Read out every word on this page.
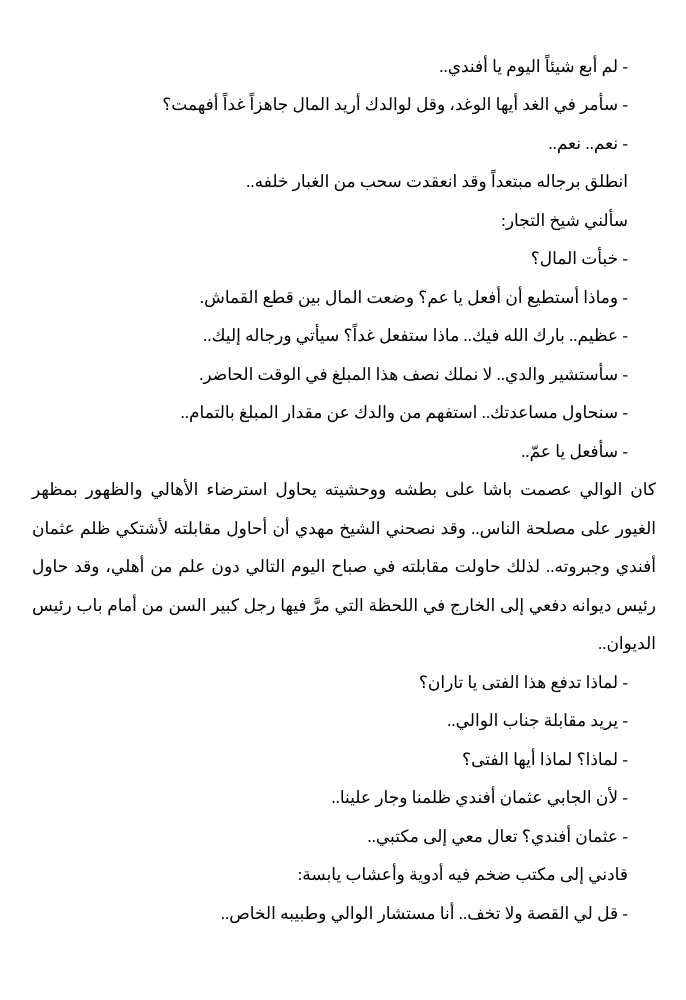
- لم أبع شيئاً اليوم يا أفندي..
- سأمر في الغد أيها الوغد، وقل لوالدك أريد المال جاهزاً غداً أفهمت؟
- نعم.. نعم..
انطلق برجاله مبتعداً وقد انعقدت سحب من الغبار خلفه..
سألني شيخ التجار:
- خبأت المال؟
- وماذا أستطيع أن أفعل يا عم؟ وضعت المال بين قطع القماش.
- عظيم.. بارك الله فيك.. ماذا ستفعل غداً؟ سيأتي ورجاله إليك..
- سأستشير والدي.. لا نملك نصف هذا المبلغ في الوقت الحاضر.
- سنحاول مساعدتك.. استفهم من والدك عن مقدار المبلغ بالتمام..
- سأفعل يا عمّ..
كان الوالي عصمت باشا على بطشه ووحشيته يحاول استرضاء الأهالي والظهور بمظهر
الغيور على مصلحة الناس.. وقد نصحني الشيخ مهدي أن أحاول مقابلته لأشتكي ظلم عثمان
أفندي وجبروته.. لذلك حاولت مقابلته في صباح اليوم التالي دون علم من أهلي، وقد حاول
رئيس ديوانه دفعي إلى الخارج في اللحظة التي مرَّ فيها رجل كبير السن من أمام باب رئيس
الديوان..
- لماذا تدفع هذا الفتى يا تاران؟
- يريد مقابلة جناب الوالي..
- لماذا؟ لماذا أيها الفتى؟
- لأن الجابي عثمان أفندي ظلمنا وجار علينا..
- عثمان أفندي؟ تعال معي إلى مكتبي..
قادني إلى مكتب ضخم فيه أدوية وأعشاب يابسة:
- قل لي القصة ولا تخف.. أنا مستشار الوالي وطبيبه الخاص..
